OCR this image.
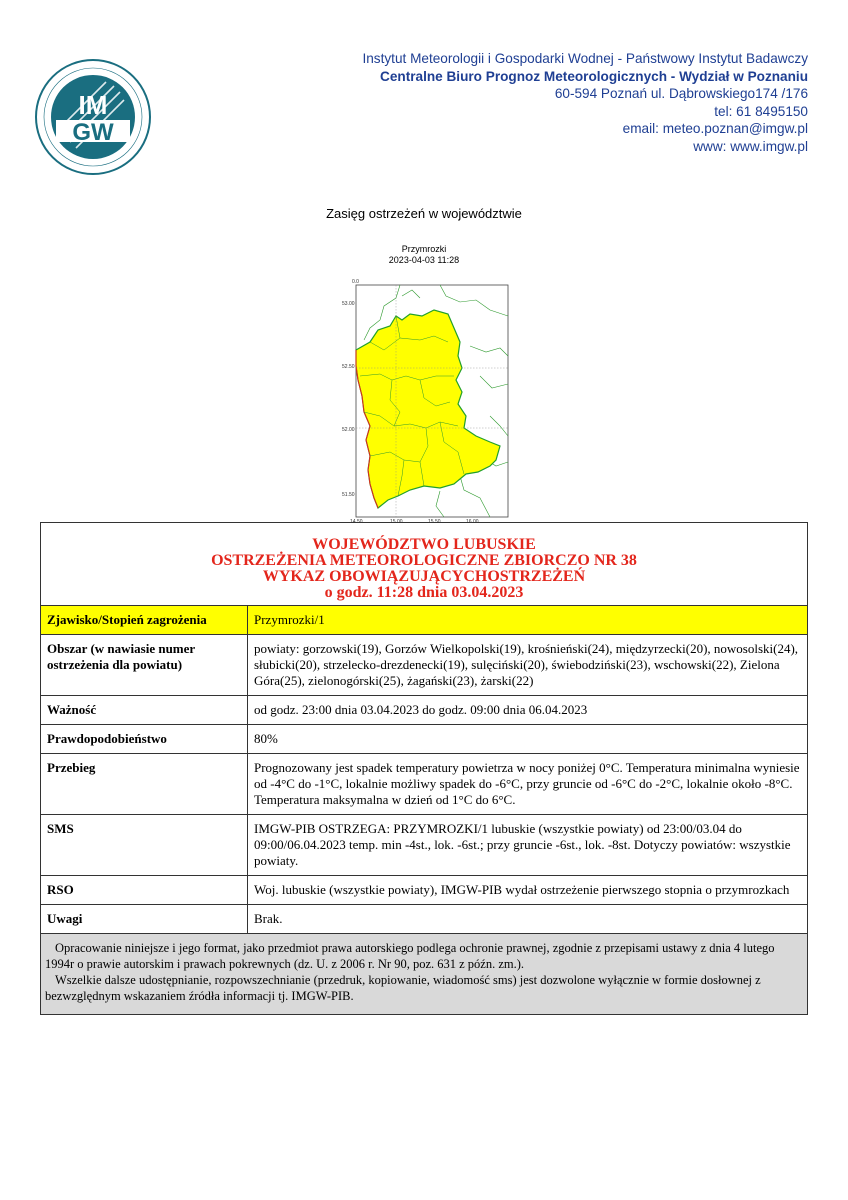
IM
GW
Instytut Meteorologii i Gospodarki Wodnej - Państwowy Instytut Badawczy
Centralne Biuro Prognoz Meteorologicznych - Wydział w Poznaniu
60-594 Poznań ul. Dąbrowskiego174 /176
tel: 61 8495150
email: meteo.poznan@imgw.pl
www: www.imgw.pl
Zasięg ostrzeżeń w województwie
Przymrozki
2023-04-03 11:28
53.00
52.50
52.00
51.50
14.50	15.00	15.50	16.00
0.0
WOJEWÓDZTWO LUBUSKIE
OSTRZEŻENIA METEOROLOGICZNE ZBIORCZO NR 38
WYKAZ OBOWIĄZUJĄCYCHOSTRZEŻEŃ
o godz. 11:28 dnia 03.04.2023	

Zjawisko/Stopień zagrożenia	Przymrozki/1
Obszar (w nawiasie numer ostrzeżenia dla powiatu)	powiaty: gorzowski(19), Gorzów Wielkopolski(19), krośnieński(24), międzyrzecki(20), nowosolski(24), słubicki(20), strzelecko-drezdenecki(19), sulęciński(20), świebodziński(23), wschowski(22), Zielona Góra(25), zielonogórski(25), żagański(23), żarski(22)
Ważność	od godz. 23:00 dnia 03.04.2023 do godz. 09:00 dnia 06.04.2023
Prawdopodobieństwo	80%
Przebieg	Prognozowany jest spadek temperatury powietrza w nocy poniżej 0°C. Temperatura minimalna wyniesie od -4°C do -1°C, lokalnie możliwy spadek do -6°C, przy gruncie od -6°C do -2°C, lokalnie około -8°C. Temperatura maksymalna w dzień od 1°C do 6°C.
SMS	IMGW-PIB OSTRZEGA: PRZYMROZKI/1 lubuskie (wszystkie powiaty) od 23:00/03.04 do 09:00/06.04.2023 temp. min -4st., lok. -6st.; przy gruncie -6st., lok. -8st. Dotyczy powiatów: wszystkie powiaty.
RSO	Woj. lubuskie (wszystkie powiaty), IMGW-PIB wydał ostrzeżenie pierwszego stopnia o przymrozkach
Uwagi	Brak.

Opracowanie niniejsze i jego format, jako przedmiot prawa autorskiego podlega ochronie prawnej, zgodnie z przepisami ustawy z dnia 4 lutego 1994r o prawie autorskim i prawach pokrewnych (dz. U. z 2006 r. Nr 90, poz. 631 z późn. zm.).

Wszelkie dalsze udostępnianie, rozpowszechnianie (przedruk, kopiowanie, wiadomość sms) jest dozwolone wyłącznie w formie dosłownej z bezwzględnym wskazaniem źródła informacji tj. IMGW-PIB.	
